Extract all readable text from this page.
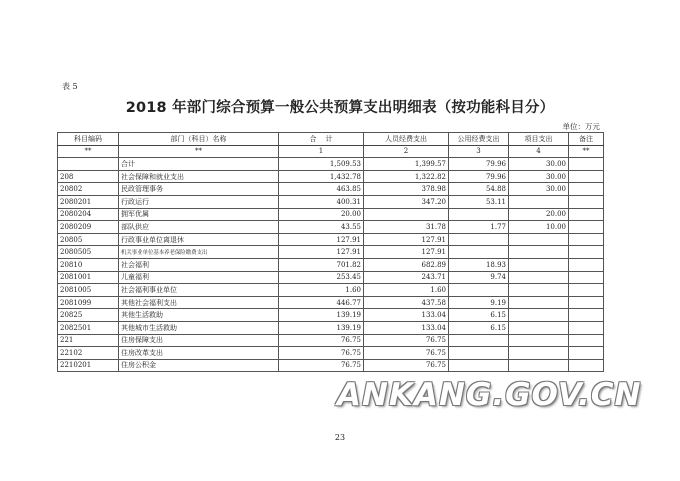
表 5
2018 年部门综合预算一般公共预算支出明细表（按功能科目分）
单位：万元
科目编码	部门（科目）名称	合    计	人员经费支出	公用经费支出	项目支出	备注
**	**	1	2	3	4	**
	合计	1,509.53	1,399.57	79.96	30.00	
208	社会保障和就业支出	1,432.78	1,322.82	79.96	30.00	
20802	民政管理事务	463.85	378.98	54.88	30.00	
2080201	行政运行	400.31	347.20	53.11		
2080204	拥军优属	20.00			20.00	
2080209	部队供应	43.55	31.78	1.77	10.00	
20805	行政事业单位离退休	127.91	127.91			
2080505	机关事业单位基本养老保险缴费支出	127.91	127.91			
20810	社会福利	701.82	682.89	18.93		
2081001	儿童福利	253.45	243.71	9.74		
2081005	社会福利事业单位	1.60	1.60			
2081099	其他社会福利支出	446.77	437.58	9.19		
20825	其他生活救助	139.19	133.04	6.15		
2082501	其他城市生活救助	139.19	133.04	6.15		
221	住房保障支出	76.75	76.75			
22102	住房改革支出	76.75	76.75			
2210201	住房公积金	76.75	76.75			
ANKANG.GOV.CN
23
